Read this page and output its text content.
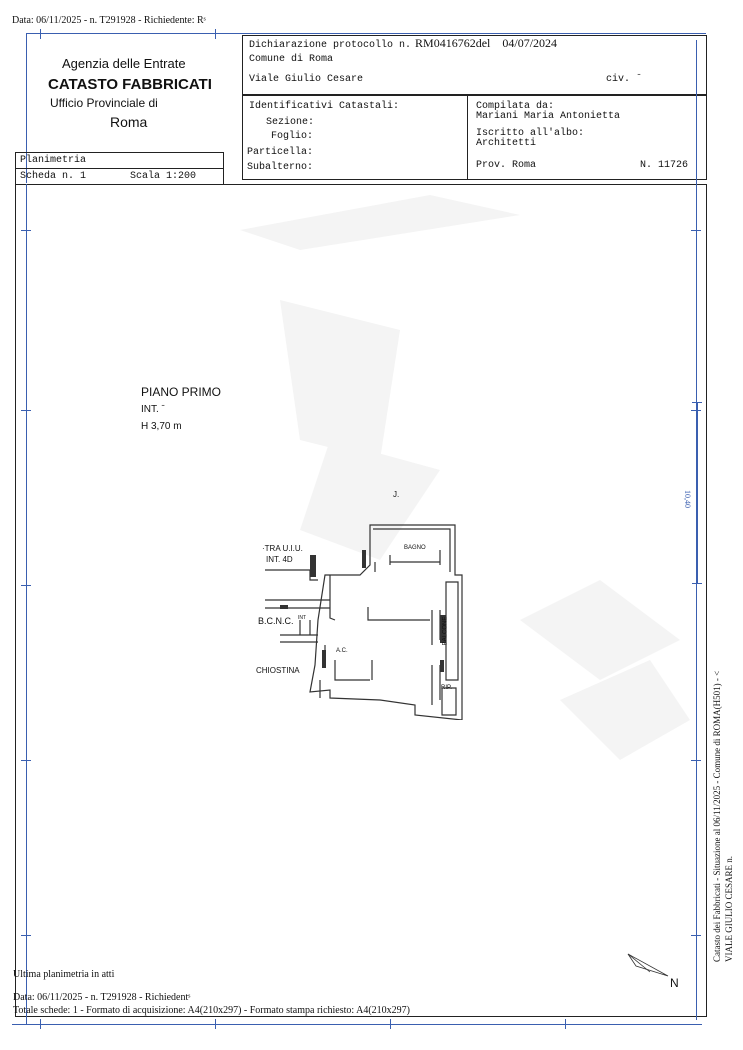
Data: 06/11/2025 - n. T291928 - Richiedente: Rˢ
Agenzia delle Entrate
CATASTO FABBRICATI
Ufficio Provinciale di
Roma
Dichiarazione protocollo n. RM0416762del 04/07/2024
Comune di Roma
Viale Giulio Cesare	civ. ˉ
Identificativi Catastali:
Sezione:
Foglio:
Particella:
Subalterno:
Compilata da:
Mariani Maria Antonietta
Iscritto all'albo:
Architetti
Prov. Roma	N. 11726
Planimetria
Scheda n. 1	Scala 1:200
PIANO PRIMO
INT. ˉ
H 3,70 m
J.
·TRA U.I.U.
INT. 4D
BAGNO
B.C.N.C. INT
A.C.
CHIOSTINA
BALCONE
RIP.
10,40
Catasto dei Fabbricati - Situazione al 06/11/2025 - Comune di ROMA(H501) - < VIALE GIULIO CESARE n.
N
Ultima planimetria in atti
Data: 06/11/2025 - n. T291928 - Richiedentˢ
Totale schede: 1 - Formato di acquisizione: A4(210x297) - Formato stampa richiesto: A4(210x297)
